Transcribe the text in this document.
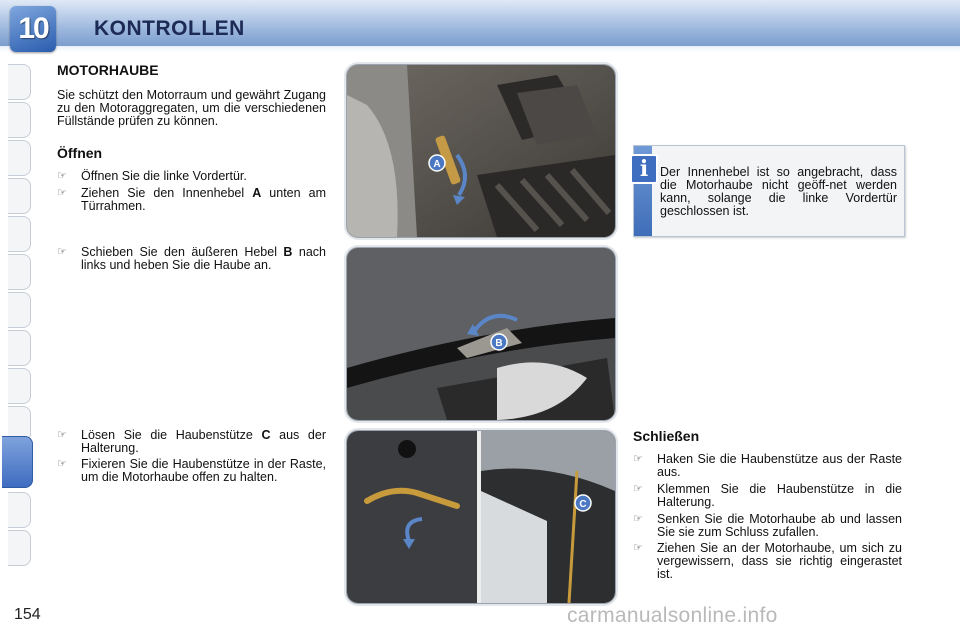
10	KONTROLLEN
MOTORHAUBE

Sie schützt den Motorraum und gewährt Zugang zu den Motoraggregaten, um die verschiedenen Füllstände prüfen zu können.

Öffnen

☞ Öffnen Sie die linke Vordertür.

☞ Ziehen Sie den Innenhebel A unten am Türrahmen.

☞ Schieben Sie den äußeren Hebel B nach links und heben Sie die Haube an.

☞ Lösen Sie die Haubenstütze C aus der Halterung.

☞ Fixieren Sie die Haubenstütze in der Raste, um die Motorhaube offen zu halten.

A
B
C
i Der Innenhebel ist so angebracht, dass die Motorhaube nicht geöff-net werden kann, solange die linke Vordertür geschlossen ist.

Schließen

☞ Haken Sie die Haubenstütze aus der Raste aus.

☞ Klemmen Sie die Haubenstütze in die Halterung.

☞ Senken Sie die Motorhaube ab und lassen Sie sie zum Schluss zufallen.

☞ Ziehen Sie an der Motorhaube, um sich zu vergewissern, dass sie richtig eingerastet ist.

154	carmanualsonline.info
